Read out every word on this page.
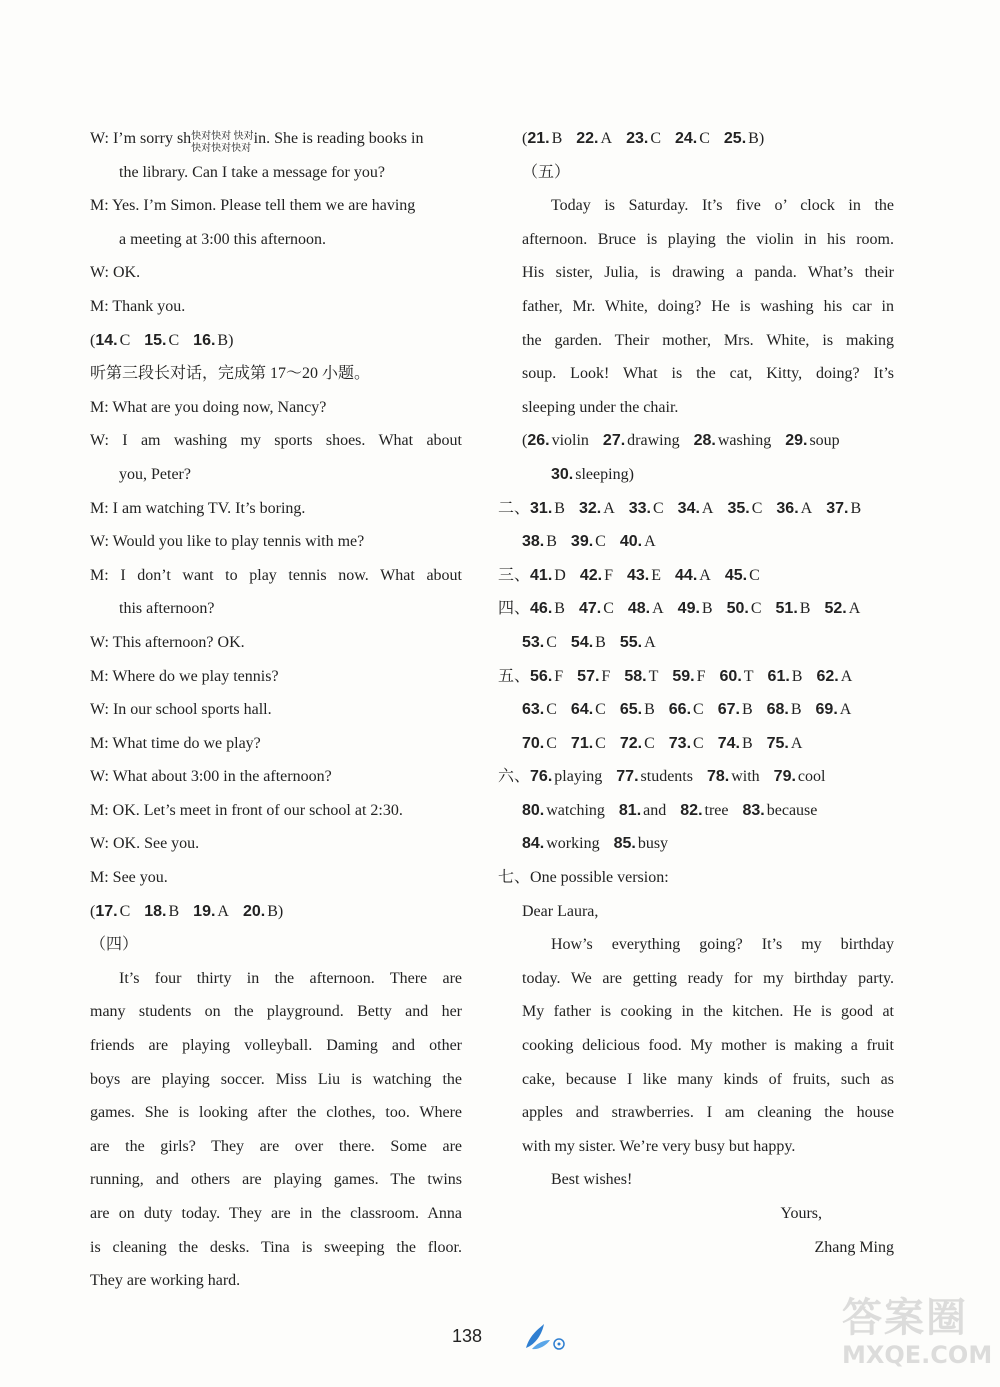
W: I’m sorry sh快对快对 快对
快对快对快对in. She is reading books in
the library. Can I take a message for you?
M: Yes. I’m Simon. Please tell them we are having
a meeting at 3:00 this afternoon.
W: OK.
M: Thank you.
(14. C 15. C 16. B)
听第三段长对话，完成第 17～20 小题。
M: What are you doing now, Nancy?
W: I am washing my sports shoes. What about
you, Peter?
M: I am watching TV. It’s boring.
W: Would you like to play tennis with me?
M: I don’t want to play tennis now. What about
this afternoon?
W: This afternoon? OK.
M: Where do we play tennis?
W: In our school sports hall.
M: What time do we play?
W: What about 3:00 in the afternoon?
M: OK. Let’s meet in front of our school at 2:30.
W: OK. See you.
M: See you.
(17. C 18. B 19. A 20. B)
（四）
It’s four thirty in the afternoon. There are
many students on the playground. Betty and her
friends are playing volleyball. Daming and other
boys are playing soccer. Miss Liu is watching the
games. She is looking after the clothes, too. Where
are the girls? They are over there. Some are
running, and others are playing games. The twins
are on duty today. They are in the classroom. Anna
is cleaning the desks. Tina is sweeping the floor.
They are working hard.
(21. B 22. A 23. C 24. C 25. B)
（五）
Today is Saturday. It’s five o’ clock in the
afternoon. Bruce is playing the violin in his room.
His sister, Julia, is drawing a panda. What’s their
father, Mr. White, doing? He is washing his car in
the garden. Their mother, Mrs. White, is making
soup. Look! What is the cat, Kitty, doing? It’s
sleeping under the chair.
(26. violin 27. drawing 28. washing 29. soup
30. sleeping)
二、31. B 32. A 33. C 34. A 35. C 36. A 37. B
38. B 39. C 40. A
三、41. D 42. F 43. E 44. A 45. C
四、46. B 47. C 48. A 49. B 50. C 51. B 52. A
53. C 54. B 55. A
五、56. F 57. F 58. T 59. F 60. T 61. B 62. A
63. C 64. C 65. B 66. C 67. B 68. B 69. A
70. C 71. C 72. C 73. C 74. B 75. A
六、76. playing 77. students 78. with 79. cool
80. watching 81. and 82. tree 83. because
84. working 85. busy
七、One possible version:
Dear Laura,
How’s everything going? It’s my birthday
today. We are getting ready for my birthday party.
My father is cooking in the kitchen. He is good at
cooking delicious food. My mother is making a fruit
cake, because I like many kinds of fruits, such as
apples and strawberries. I am cleaning the house
with my sister. We’re very busy but happy.
Best wishes!
Yours,
Zhang Ming
138	答案圈
MXQE.COM
